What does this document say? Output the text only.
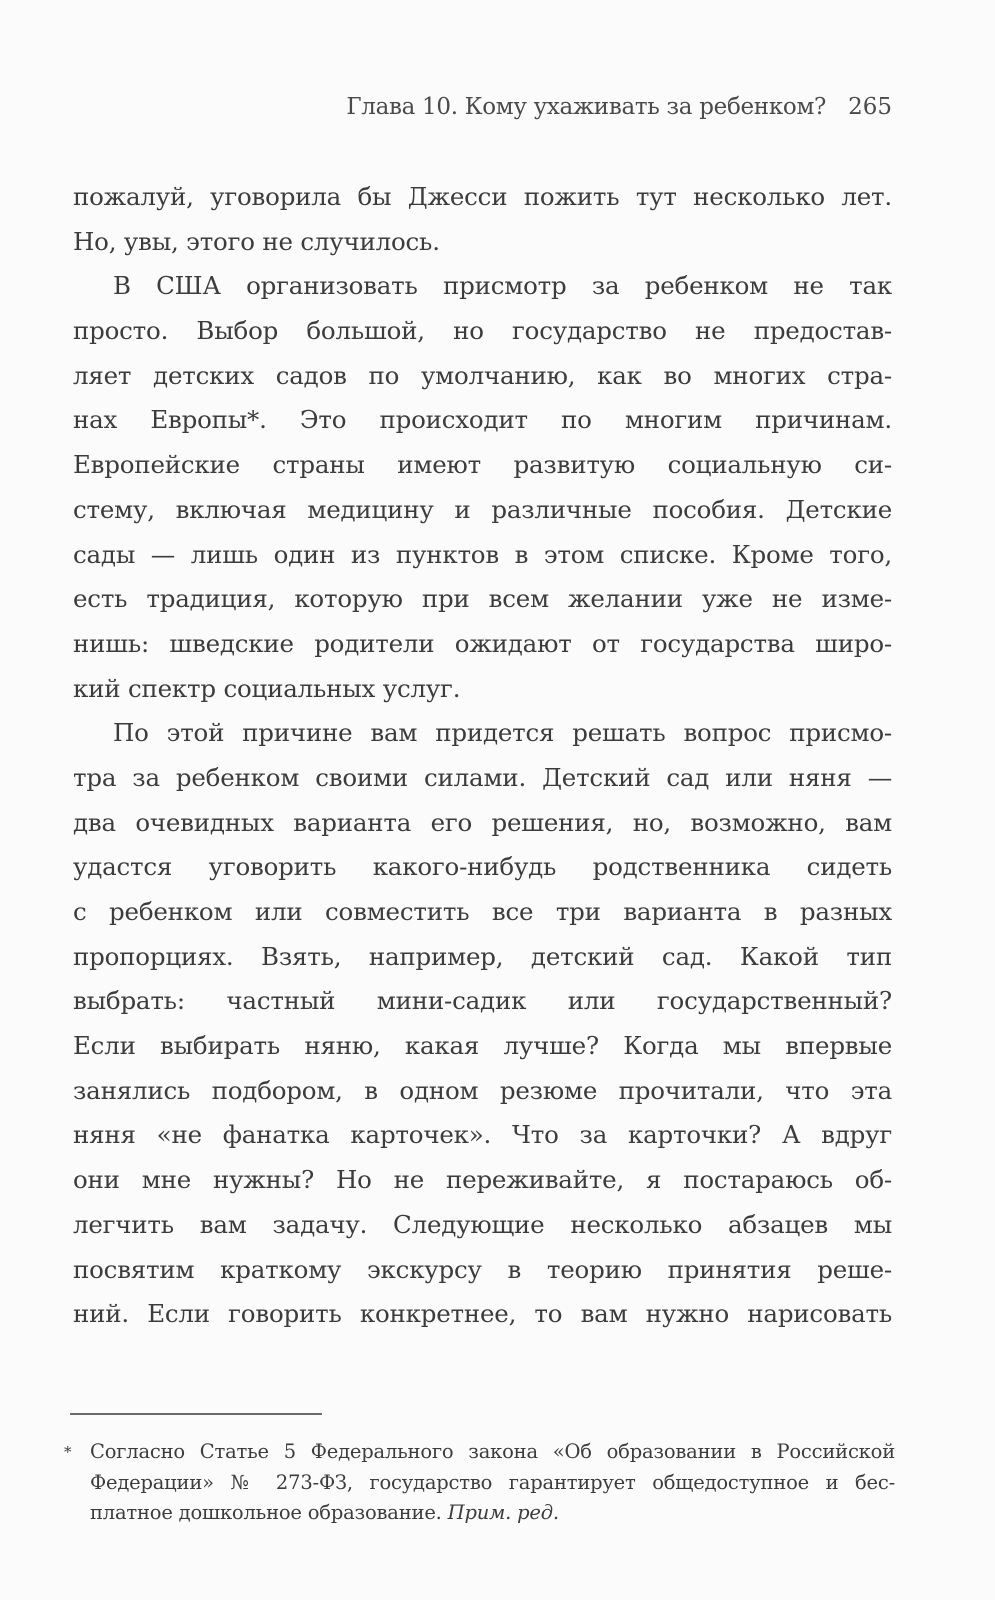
Глава 10. Кому ухаживать за ребенком? 265
пожалуй, уговорила бы Джесси пожить тут несколько лет.
Но, увы, этого не случилось.
В США организовать присмотр за ребенком не так
просто. Выбор большой, но государство не предостав-
ляет детских садов по умолчанию, как во многих стра-
нах Европы*. Это происходит по многим причинам.
Европейские страны имеют развитую социальную си-
стему, включая медицину и различные пособия. Детские
сады — лишь один из пунктов в этом списке. Кроме того,
есть традиция, которую при всем желании уже не изме-
нишь: шведские родители ожидают от государства широ-
кий спектр социальных услуг.
По этой причине вам придется решать вопрос присмо-
тра за ребенком своими силами. Детский сад или няня —
два очевидных варианта его решения, но, возможно, вам
удастся уговорить какого-нибудь родственника сидеть
с ребенком или совместить все три варианта в разных
пропорциях. Взять, например, детский сад. Какой тип
выбрать: частный мини-садик или государственный?
Если выбирать няню, какая лучше? Когда мы впервые
занялись подбором, в одном резюме прочитали, что эта
няня «не фанатка карточек». Что за карточки? А вдруг
они мне нужны? Но не переживайте, я постараюсь об-
легчить вам задачу. Следующие несколько абзацев мы
посвятим краткому экскурсу в теорию принятия реше-
ний. Если говорить конкретнее, то вам нужно нарисовать
* Согласно Статье 5 Федерального закона «Об образовании в Российской
Федерации» № 273-ФЗ, государство гарантирует общедоступное и бес-
платное дошкольное образование. Прим. ред.
